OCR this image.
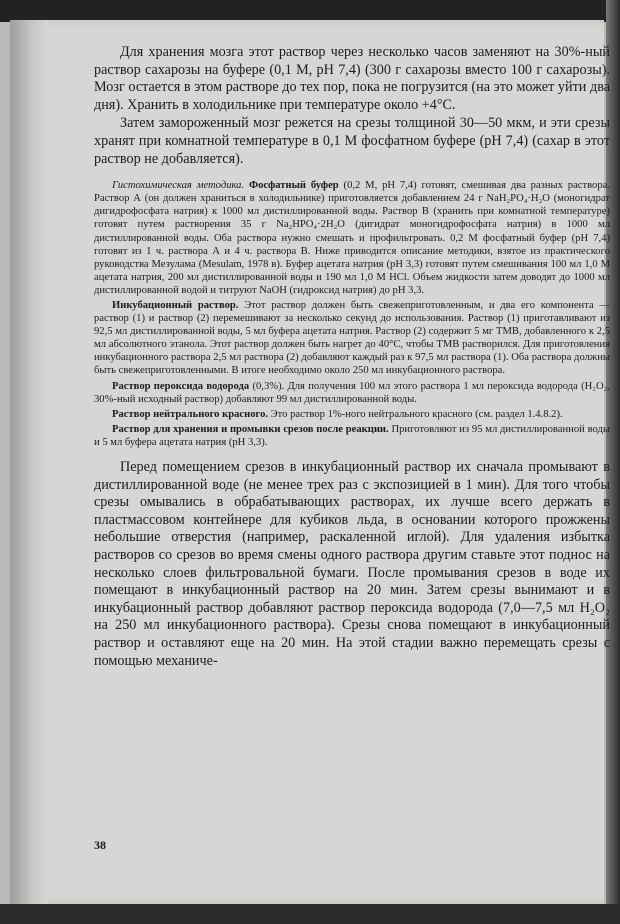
Для хранения мозга этот раствор через несколько часов заменяют на 30%-ный раствор сахарозы на буфере (0,1 М, pH 7,4) (300 г сахарозы вместо 100 г сахарозы). Мозг остается в этом растворе до тех пор, пока не погрузится (на это может уйти два дня). Хранить в холодильнике при температуре около +4°С.

Затем замороженный мозг режется на срезы толщиной 30—50 мкм, и эти срезы хранят при комнатной температуре в 0,1 М фосфатном буфере (pH 7,4) (сахар в этот раствор не добавляется).

Гистохимическая методика. Фосфатный буфер (0,2 М, pH 7,4) готовят, смешивая два разных раствора. Раствор А (он должен храниться в холодильнике) приготовляется добавлением 24 г NaH₂PO₄·H₂O (моногидрат дигидрофосфата натрия) к 1000 мл дистиллированной воды. Раствор В (хранить при комнатной температуре) готовят путем растворения 35 г Na₂HPO₄·2H₂O (дигидрат моногидрофосфата натрия) в 1000 мл дистиллированной воды. Оба раствора нужно смешать и профильтровать. 0,2 М фосфатный буфер (pH 7,4) готовят из 1 ч. раствора А и 4 ч. раствора В. Ниже приводится описание методики, взятое из практического руководства Мезулама (Mesulam, 1978 в). Буфер ацетата натрия (pH 3,3) готовят путем смешивания 100 мл 1,0 М ацетата натрия, 200 мл дистиллированной воды и 190 мл 1,0 М HCl. Объем жидкости затем доводят до 1000 мл дистиллированной водой и титруют NaOH (гидроксид натрия) до pH 3,3.

Инкубационный раствор. Этот раствор должен быть свежеприготовленным, и два его компонента — раствор (1) и раствор (2) перемешивают за несколько секунд до использования. Раствор (1) приготавливают из 92,5 мл дистиллированной воды, 5 мл буфера ацетата натрия. Раствор (2) содержит 5 мг TMB, добавленного к 2,5 мл абсолютного этанола. Этот раствор должен быть нагрет до 40°С, чтобы TMB растворился. Для приготовления инкубационного раствора 2,5 мл раствора (2) добавляют каждый раз к 97,5 мл раствора (1). Оба раствора должны быть свежеприготовленными. В итоге необходимо около 250 мл инкубационного раствора.

Раствор пероксида водорода (0,3%). Для получения 100 мл этого раствора 1 мл пероксида водорода (H₂O₂, 30%-ный исходный раствор) добавляют 99 мл дистиллированной воды.

Раствор нейтрального красного. Это раствор 1%-ного нейтрального красного (см. раздел 1.4.8.2).

Раствор для хранения и промывки срезов после реакции. Приготовляют из 95 мл дистиллированной воды и 5 мл буфера ацетата натрия (pH 3,3).

Перед помещением срезов в инкубационный раствор их сначала промывают в дистиллированной воде (не менее трех раз с экспозицией в 1 мин). Для того чтобы срезы омывались в обрабатывающих растворах, их лучше всего держать в пластмассовом контейнере для кубиков льда, в основании которого прожжены небольшие отверстия (например, раскаленной иглой). Для удаления избытка растворов со срезов во время смены одного раствора другим ставьте этот поднос на несколько слоев фильтровальной бумаги. После промывания срезов в воде их помещают в инкубационный раствор на 20 мин. Затем срезы вынимают и в инкубационный раствор добавляют раствор пероксида водорода (7,0—7,5 мл H₂O₂ на 250 мл инкубационного раствора). Срезы снова помещают в инкубационный раствор и оставляют еще на 20 мин. На этой стадии важно перемещать срезы с помощью механиче-

38
